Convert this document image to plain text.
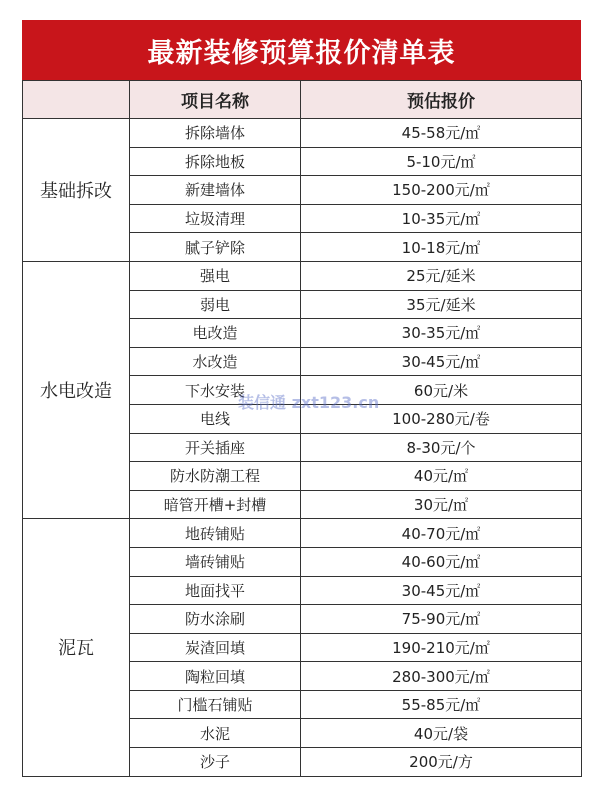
最新装修预算报价清单表
	项目名称	预估报价
基础拆改	拆除墙体	45-58元/㎡
	拆除地板	5-10元/㎡
	新建墙体	150-200元/㎡
	垃圾清理	10-35元/㎡
	腻子铲除	10-18元/㎡
水电改造	强电	25元/延米
	弱电	35元/延米
	电改造	30-35元/㎡
	水改造	30-45元/㎡
	下水安装	60元/米
	电线	100-280元/卷
	开关插座	8-30元/个
	防水防潮工程	40元/㎡
	暗管开槽+封槽	30元/㎡
泥瓦	地砖铺贴	40-70元/㎡
	墙砖铺贴	40-60元/㎡
	地面找平	30-45元/㎡
	防水涂刷	75-90元/㎡
	炭渣回填	190-210元/㎡
	陶粒回填	280-300元/㎡
	门槛石铺贴	55-85元/㎡
	水泥	40元/袋
	沙子	200元/方
装信通 zxt123.cn
